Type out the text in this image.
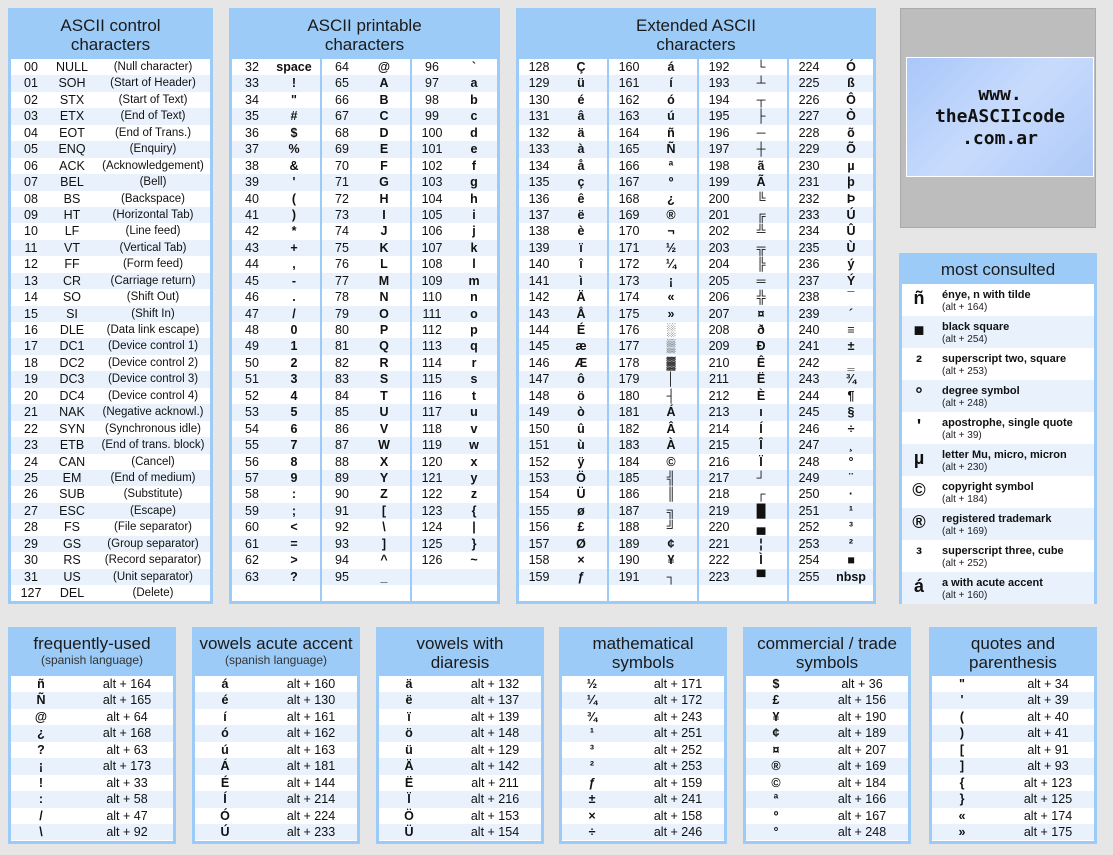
ASCII control
characters
00	NULL	(Null character)
01	SOH	(Start of Header)
02	STX	(Start of Text)
03	ETX	(End of Text)
04	EOT	(End of Trans.)
05	ENQ	(Enquiry)
06	ACK	(Acknowledgement)
07	BEL	(Bell)
08	BS	(Backspace)
09	HT	(Horizontal Tab)
10	LF	(Line feed)
11	VT	(Vertical Tab)
12	FF	(Form feed)
13	CR	(Carriage return)
14	SO	(Shift Out)
15	SI	(Shift In)
16	DLE	(Data link escape)
17	DC1	(Device control 1)
18	DC2	(Device control 2)
19	DC3	(Device control 3)
20	DC4	(Device control 4)
21	NAK	(Negative acknowl.)
22	SYN	(Synchronous idle)
23	ETB	(End of trans. block)
24	CAN	(Cancel)
25	EM	(End of medium)
26	SUB	(Substitute)
27	ESC	(Escape)
28	FS	(File separator)
29	GS	(Group separator)
30	RS	(Record separator)
31	US	(Unit separator)
127	DEL	(Delete)
ASCII printable
characters
32	space	64	@	96	`
33	!	65	A	97	a
34	"	66	B	98	b
35	#	67	C	99	c
36	$	68	D	100	d
37	%	69	E	101	e
38	&	70	F	102	f
39	'	71	G	103	g
40	(	72	H	104	h
41	)	73	I	105	i
42	*	74	J	106	j
43	+	75	K	107	k
44	,	76	L	108	l
45	-	77	M	109	m
46	.	78	N	110	n
47	/	79	O	111	o
48	0	80	P	112	p
49	1	81	Q	113	q
50	2	82	R	114	r
51	3	83	S	115	s
52	4	84	T	116	t
53	5	85	U	117	u
54	6	86	V	118	v
55	7	87	W	119	w
56	8	88	X	120	x
57	9	89	Y	121	y
58	:	90	Z	122	z
59	;	91	[	123	{
60	<	92	\	124	|
61	=	93	]	125	}
62	>	94	^	126	~
63	?	95	_
Extended ASCII
characters
128	Ç	160	á	192	└	224	Ó
129	ü	161	í	193	┴	225	ß
130	é	162	ó	194	┬	226	Ô
131	â	163	ú	195	├	227	Ò
132	ä	164	ñ	196	─	228	õ
133	à	165	Ñ	197	┼	229	Õ
134	å	166	ª	198	ã	230	µ
135	ç	167	º	199	Ã	231	þ
136	ê	168	¿	200	╚	232	Þ
137	ë	169	®	201	╔	233	Ú
138	è	170	¬	202	╩	234	Û
139	ï	171	½	203	╦	235	Ù
140	î	172	¼	204	╠	236	ý
141	ì	173	¡	205	═	237	Ý
142	Ä	174	«	206	╬	238	¯
143	Å	175	»	207	¤	239	´
144	É	176	░	208	ð	240	≡
145	æ	177	▒	209	Ð	241	±
146	Æ	178	▓	210	Ê	242	‗
147	ô	179	│	211	Ë	243	¾
148	ö	180	┤	212	È	244	¶
149	ò	181	Á	213	ı	245	§
150	û	182	Â	214	Í	246	÷
151	ù	183	À	215	Î	247	¸
152	ÿ	184	©	216	Ï	248	°
153	Ö	185	╣	217	┘	249	¨
154	Ü	186	║	218	┌	250	·
155	ø	187	╗	219	█	251	¹
156	£	188	╝	220	▄	252	³
157	Ø	189	¢	221	¦	253	²
158	×	190	¥	222	Ì	254	■
159	ƒ	191	┐	223	▀	255	nbsp
www.
theASCIIcode
.com.ar
most consulted
ñ	énye, n with tilde
(alt + 164)
■	black square
(alt + 254)
²	superscript two, square
(alt + 253)
°	degree symbol
(alt + 248)
'	apostrophe, single quote
(alt + 39)
µ	letter Mu, micro, micron
(alt + 230)
©	copyright symbol
(alt + 184)
®	registered trademark
(alt + 169)
³	superscript three, cube
(alt + 252)
á	a with acute accent
(alt + 160)
frequently-used
(spanish language)
ñ	alt + 164
Ñ	alt + 165
@	alt + 64
¿	alt + 168
?	alt + 63
¡	alt + 173
!	alt + 33
:	alt + 58
/	alt + 47
\	alt + 92
vowels acute accent
(spanish language)
á	alt + 160
é	alt + 130
í	alt + 161
ó	alt + 162
ú	alt + 163
Á	alt + 181
É	alt + 144
Í	alt + 214
Ó	alt + 224
Ú	alt + 233
vowels with
diaresis
ä	alt + 132
ë	alt + 137
ï	alt + 139
ö	alt + 148
ü	alt + 129
Ä	alt + 142
Ë	alt + 211
Ï	alt + 216
Ö	alt + 153
Ü	alt + 154
mathematical
symbols
½	alt + 171
¼	alt + 172
¾	alt + 243
¹	alt + 251
³	alt + 252
²	alt + 253
ƒ	alt + 159
±	alt + 241
×	alt + 158
÷	alt + 246
commercial / trade
symbols
$	alt + 36
£	alt + 156
¥	alt + 190
¢	alt + 189
¤	alt + 207
®	alt + 169
©	alt + 184
ª	alt + 166
º	alt + 167
°	alt + 248
quotes and
parenthesis
"	alt + 34
'	alt + 39
(	alt + 40
)	alt + 41
[	alt + 91
]	alt + 93
{	alt + 123
}	alt + 125
«	alt + 174
»	alt + 175
